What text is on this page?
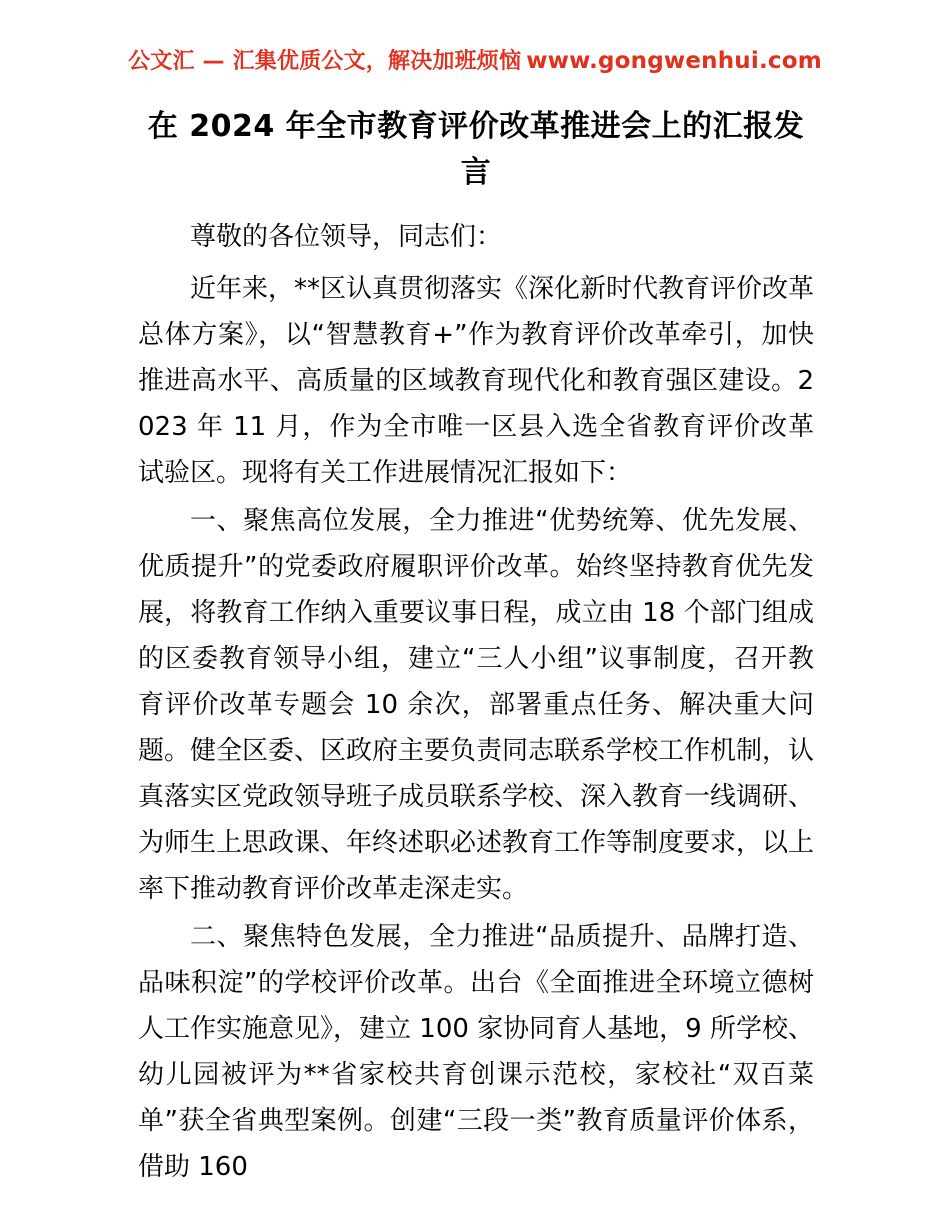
公文汇 — 汇集优质公文，解决加班烦恼 www.gongwenhui.com
在 2024 年全市教育评价改革推进会上的汇报发言

尊敬的各位领导，同志们：

近年来，**区认真贯彻落实《深化新时代教育评价改革总体方案》，以“智慧教育+”作为教育评价改革牵引，加快推进高水平、高质量的区域教育现代化和教育强区建设。2023 年 11 月，作为全市唯一区县入选全省教育评价改革试验区。现将有关工作进展情况汇报如下：

一、聚焦高位发展，全力推进“优势统筹、优先发展、优质提升”的党委政府履职评价改革。始终坚持教育优先发展，将教育工作纳入重要议事日程，成立由 18 个部门组成的区委教育领导小组，建立“三人小组”议事制度，召开教育评价改革专题会 10 余次，部署重点任务、解决重大问题。健全区委、区政府主要负责同志联系学校工作机制，认真落实区党政领导班子成员联系学校、深入教育一线调研、为师生上思政课、年终述职必述教育工作等制度要求，以上率下推动教育评价改革走深走实。

二、聚焦特色发展，全力推进“品质提升、品牌打造、品味积淀”的学校评价改革。出台《全面推进全环境立德树人工作实施意见》，建立 100 家协同育人基地，9 所学校、幼儿园被评为**省家校共育创课示范校，家校社“双百菜单”获全省典型案例。创建“三段一类”教育质量评价体系，借助 160
